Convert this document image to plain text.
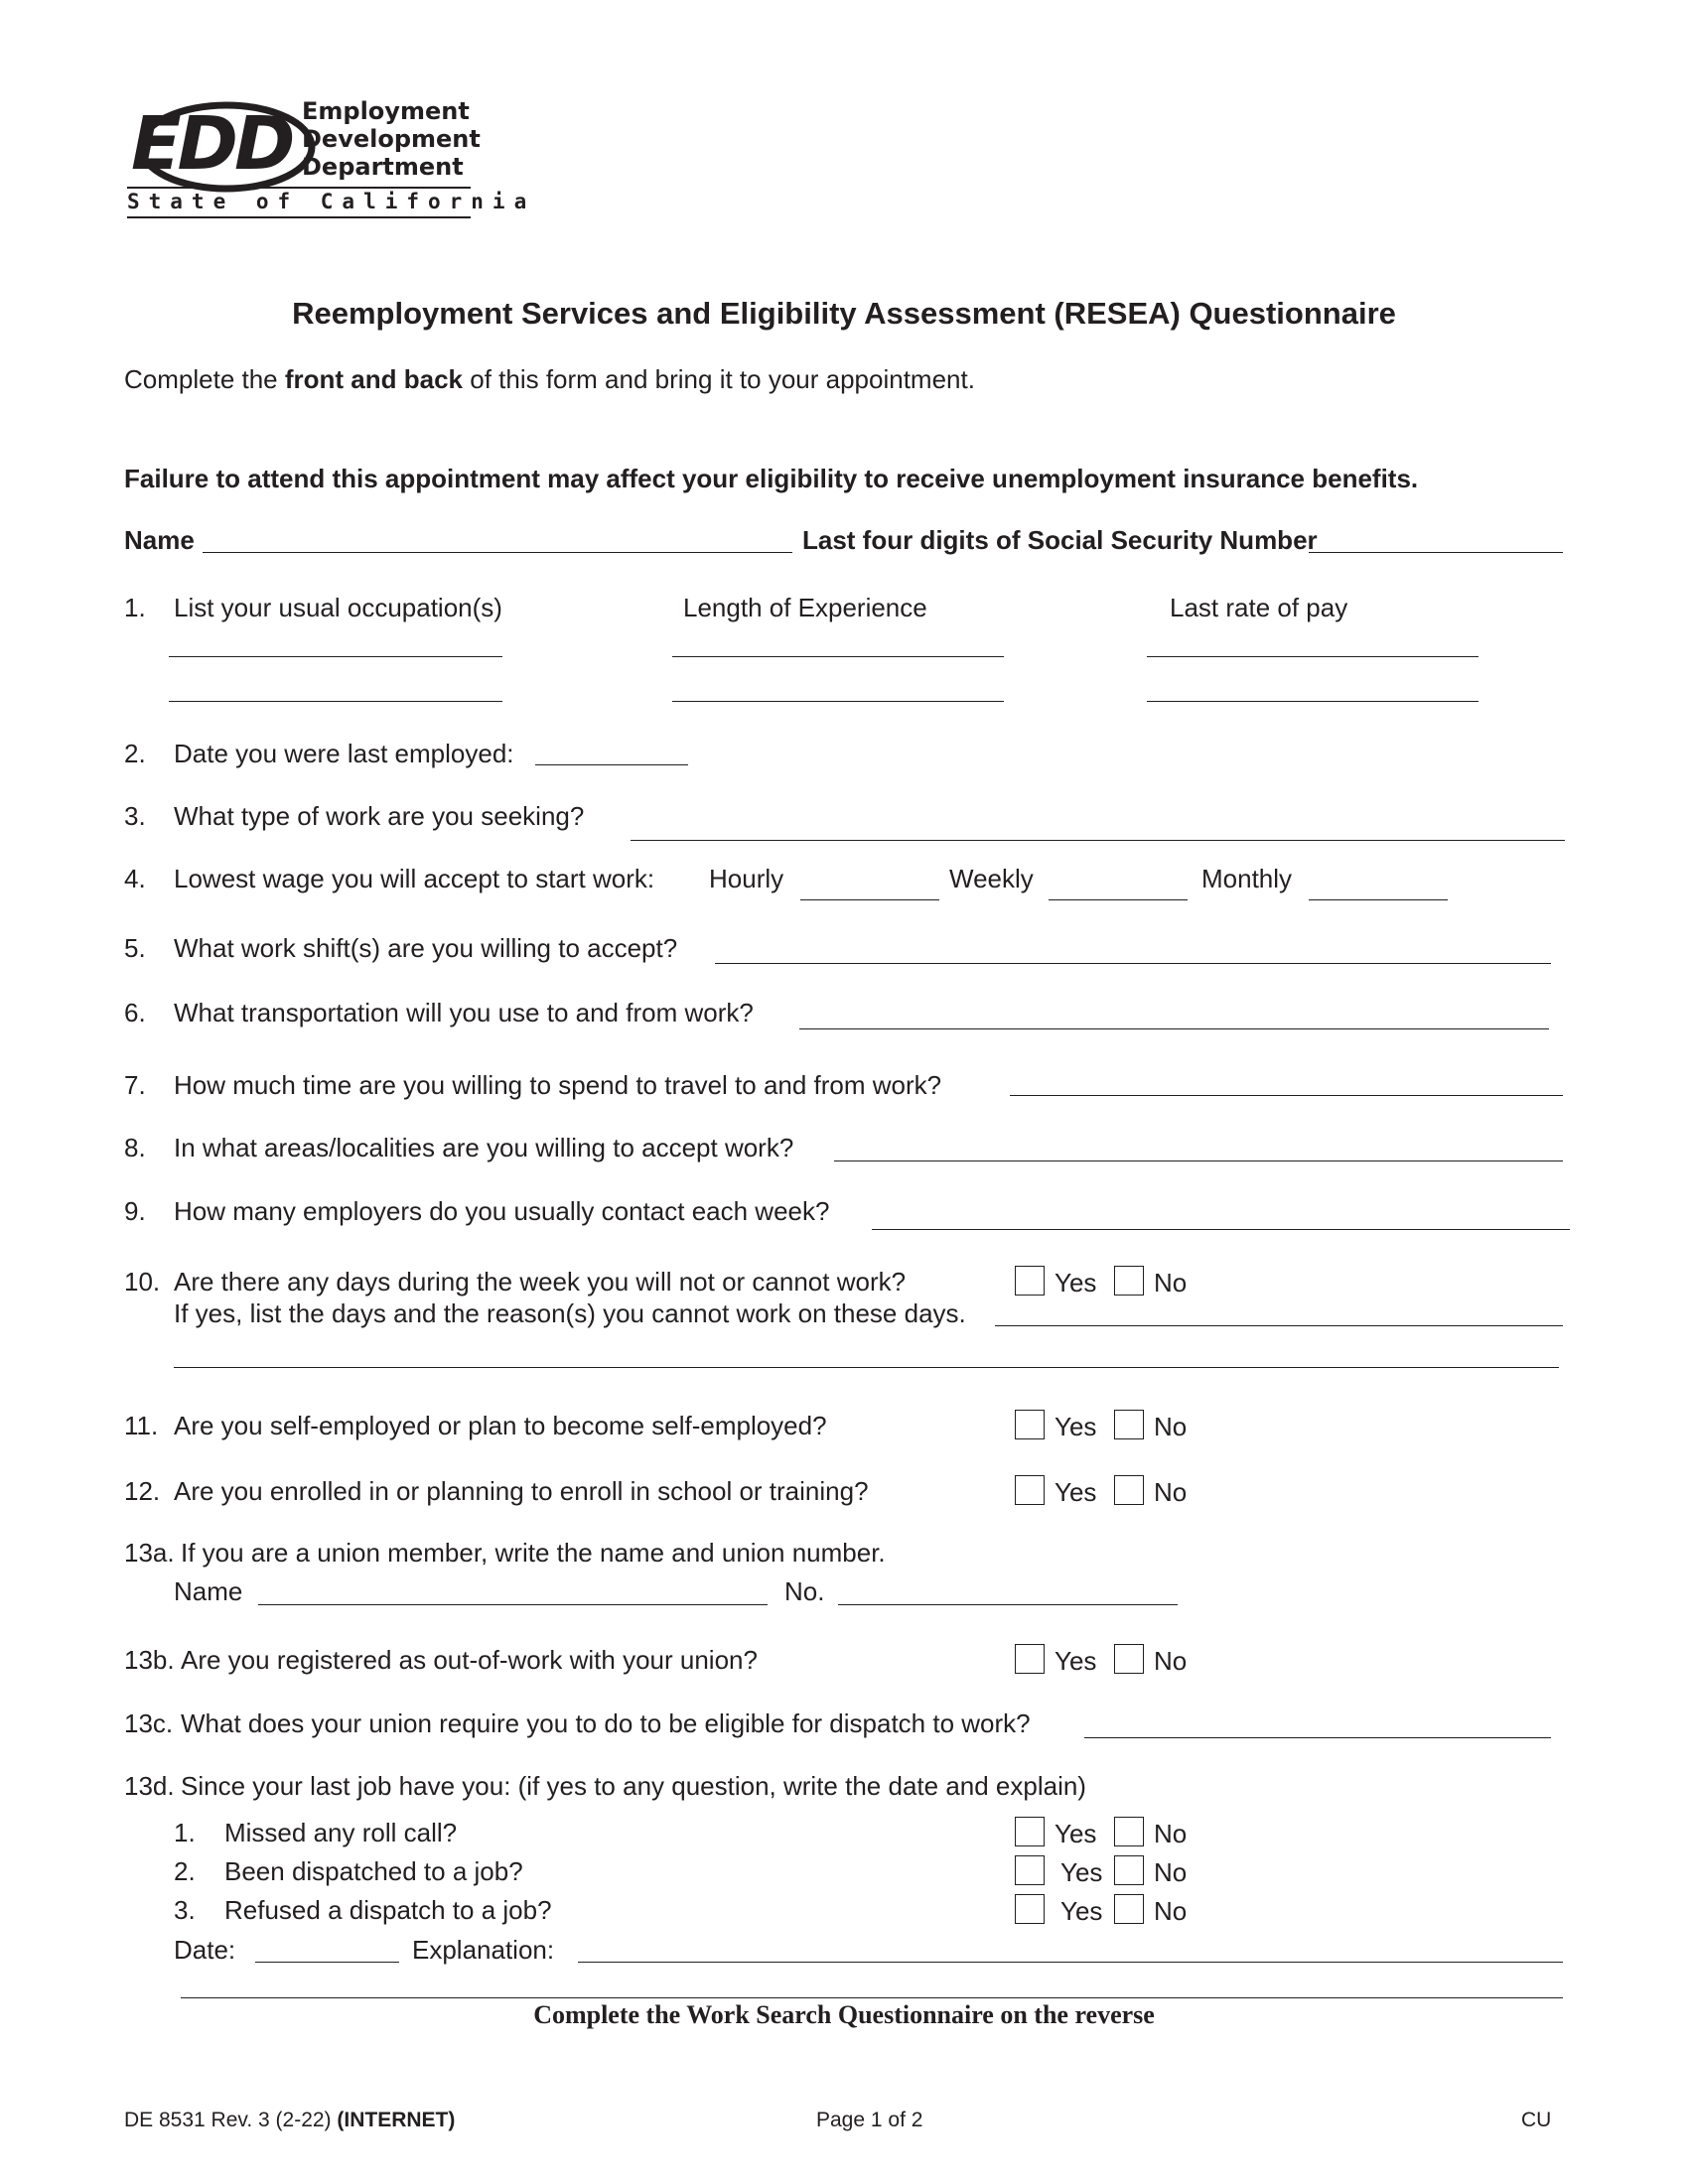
EDD Employment
Development
Department
State of California
Reemployment Services and Eligibility Assessment (RESEA) Questionnaire
Complete the front and back of this form and bring it to your appointment.
Failure to attend this appointment may affect your eligibility to receive unemployment insurance benefits.
Name	Last four digits of Social Security Number
1. List your usual occupation(s)	Length of Experience	Last rate of pay
2. Date you were last employed:
3. What type of work are you seeking?
4. Lowest wage you will accept to start work: Hourly	Weekly	Monthly
5. What work shift(s) are you willing to accept?
6. What transportation will you use to and from work?
7. How much time are you willing to spend to travel to and from work?
8. In what areas/localities are you willing to accept work?
9. How many employers do you usually contact each week?
10. Are there any days during the week you will not or cannot work?	Yes No
If yes, list the days and the reason(s) you cannot work on these days.
11. Are you self-employed or plan to become self-employed?	Yes No
12. Are you enrolled in or planning to enroll in school or training?	Yes No
13a. If you are a union member, write the name and union number.
Name	No.
13b. Are you registered as out-of-work with your union?	Yes No
13c. What does your union require you to do to be eligible for dispatch to work?
13d. Since your last job have you: (if yes to any question, write the date and explain)
1. Missed any roll call?	Yes No
2. Been dispatched to a job?	Yes No
3. Refused a dispatch to a job?	Yes No
Date:	Explanation:
Complete the Work Search Questionnaire on the reverse
DE 8531 Rev. 3 (2-22) (INTERNET)	Page 1 of 2	CU
